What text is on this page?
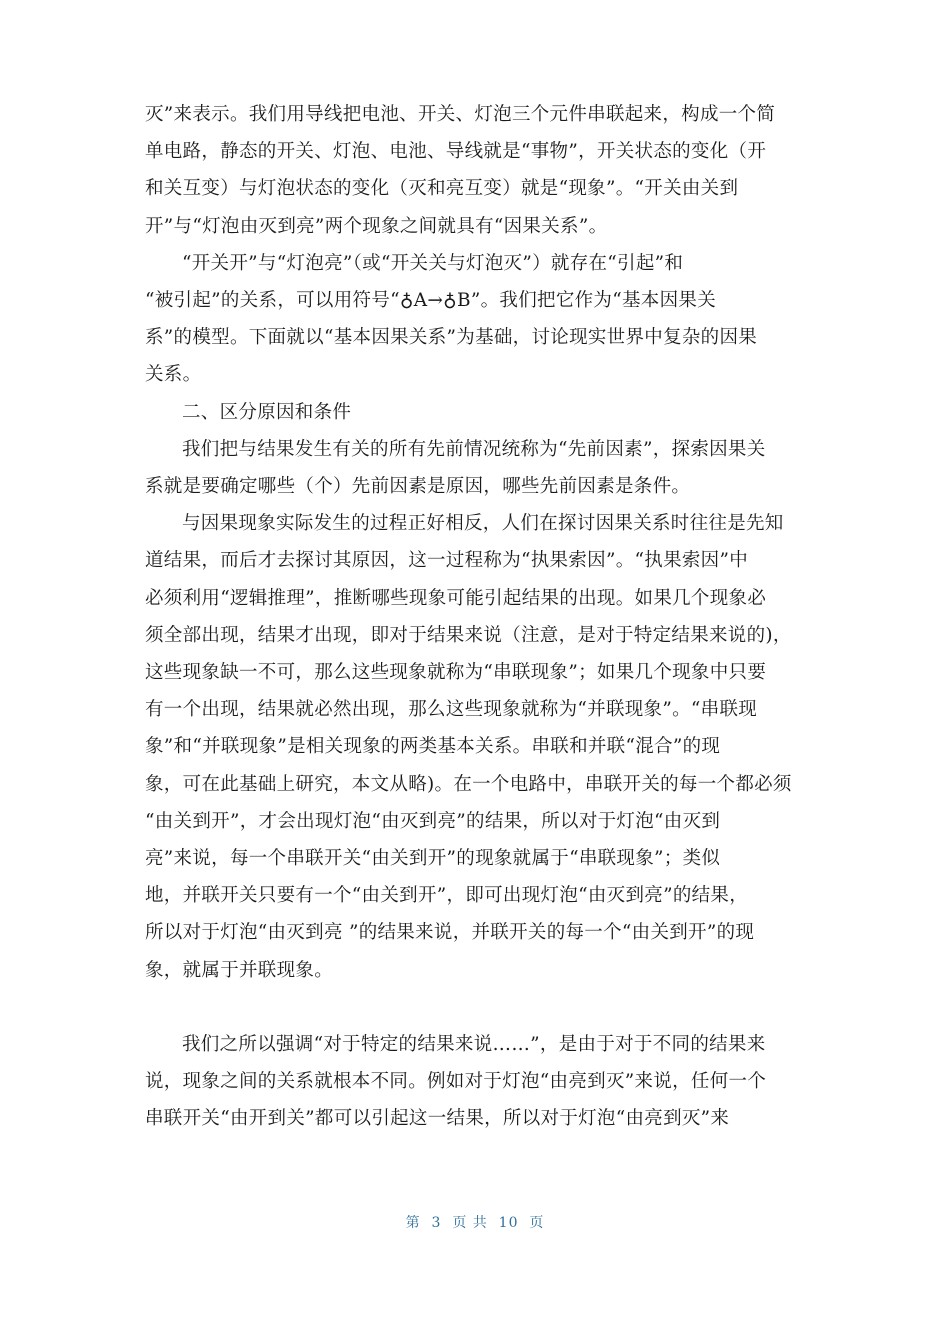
灭”来表示。我们用导线把电池、开关、灯泡三个元件串联起来，构成一个简
单电路，静态的开关、灯泡、电池、导线就是“事物”，开关状态的变化（开
和关互变）与灯泡状态的变化（灭和亮互变）就是“现象”。“开关由关到
开”与“灯泡由灭到亮”两个现象之间就具有“因果关系”。
“开关开”与“灯泡亮”（或“开关关与灯泡灭”）就存在“引起”和
“被引起”的关系，可以用符号“♁A→♁B”。我们把它作为“基本因果关
系”的模型。下面就以“基本因果关系”为基础，讨论现实世界中复杂的因果
关系。
二、区分原因和条件
我们把与结果发生有关的所有先前情况统称为“先前因素”，探索因果关
系就是要确定哪些（个）先前因素是原因，哪些先前因素是条件。
与因果现象实际发生的过程正好相反，人们在探讨因果关系时往往是先知
道结果，而后才去探讨其原因，这一过程称为“执果索因”。“执果索因”中
必须利用“逻辑推理”，推断哪些现象可能引起结果的出现。如果几个现象必
须全部出现，结果才出现，即对于结果来说（注意，是对于特定结果来说的)，
这些现象缺一不可，那么这些现象就称为“串联现象”；如果几个现象中只要
有一个出现，结果就必然出现，那么这些现象就称为“并联现象”。“串联现
象”和“并联现象”是相关现象的两类基本关系。串联和并联“混合”的现
象，可在此基础上研究，本文从略)。在一个电路中，串联开关的每一个都必须
“由关到开”，才会出现灯泡“由灭到亮”的结果，所以对于灯泡“由灭到
亮”来说，每一个串联开关“由关到开”的现象就属于“串联现象”；类似
地，并联开关只要有一个“由关到开”，即可出现灯泡“由灭到亮”的结果，
所以对于灯泡“由灭到亮 ”的结果来说，并联开关的每一个“由关到开”的现
象，就属于并联现象。
我们之所以强调“对于特定的结果来说……”，是由于对于不同的结果来
说，现象之间的关系就根本不同。例如对于灯泡“由亮到灭”来说，任何一个
串联开关“由开到关”都可以引起这一结果，所以对于灯泡“由亮到灭”来
第  3  页 共  10  页
